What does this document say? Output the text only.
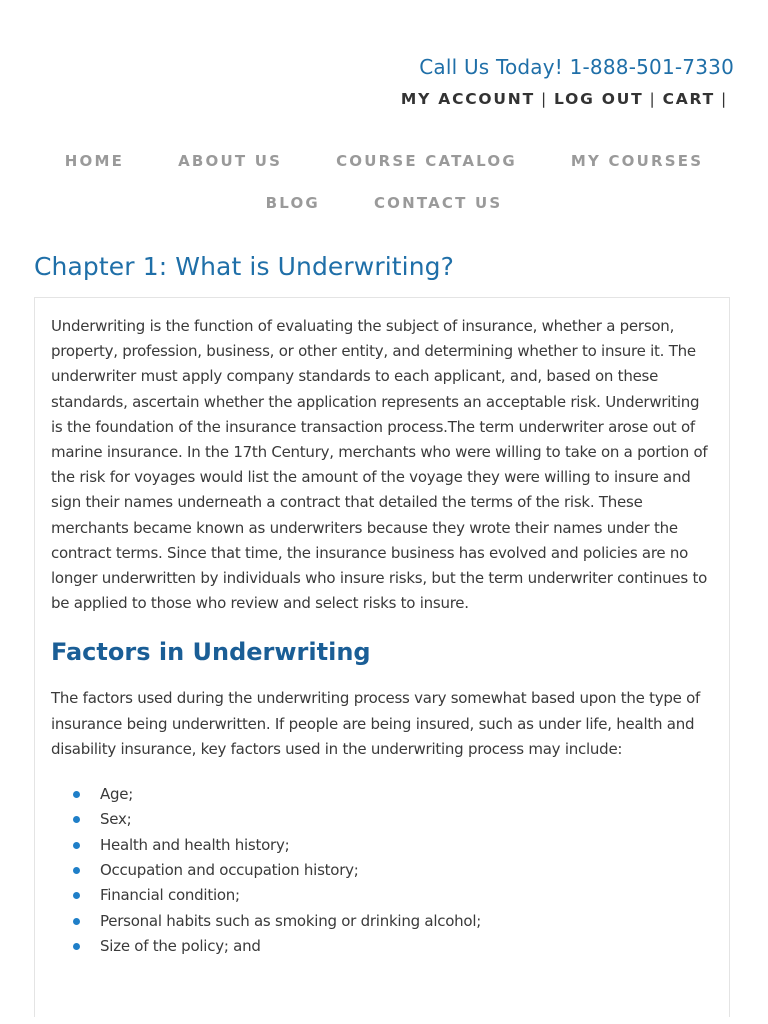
Call Us Today! 1-888-501-7330
MY ACCOUNT | LOG OUT | CART |
HOME	ABOUT US	COURSE CATALOG	MY COURSES
BLOG	CONTACT US
Chapter 1: What is Underwriting?

Underwriting is the function of evaluating the subject of insurance, whether a person, property, profession, business, or other entity, and determining whether to insure it. The underwriter must apply company standards to each applicant, and, based on these standards, ascertain whether the application represents an acceptable risk. Underwriting is the foundation of the insurance transaction process.The term underwriter arose out of marine insurance. In the 17th Century, merchants who were willing to take on a portion of the risk for voyages would list the amount of the voyage they were willing to insure and sign their names underneath a contract that detailed the terms of the risk. These merchants became known as underwriters because they wrote their names under the contract terms. Since that time, the insurance business has evolved and policies are no longer underwritten by individuals who insure risks, but the term underwriter continues to be applied to those who review and select risks to insure.

Factors in Underwriting

The factors used during the underwriting process vary somewhat based upon the type of insurance being underwritten. If people are being insured, such as under life, health and disability insurance, key factors used in the underwriting process may include:

Age;
Sex;
Health and health history;
Occupation and occupation history;
Financial condition;
Personal habits such as smoking or drinking alcohol;
Size of the policy; and
